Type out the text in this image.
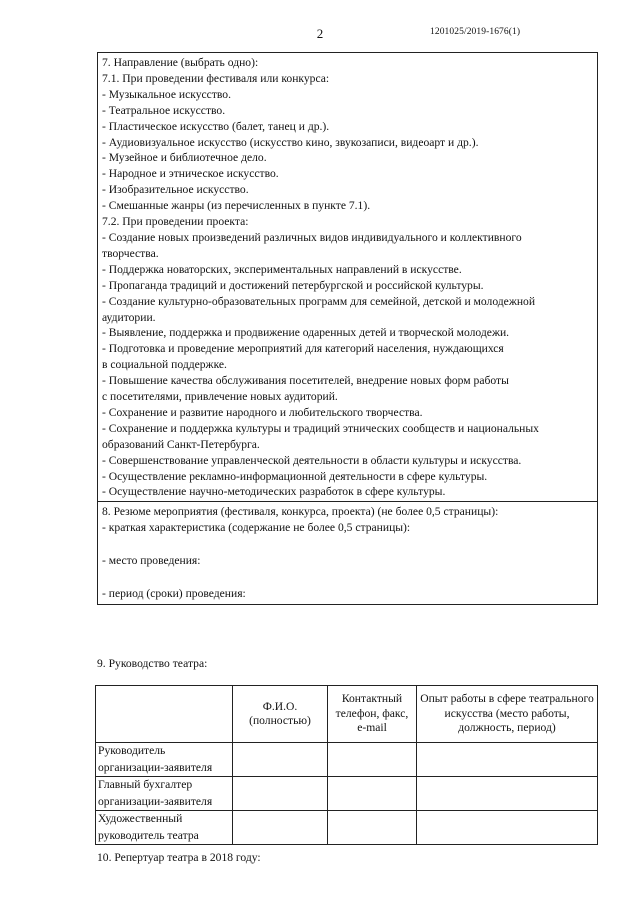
2	1201025/2019-1676(1)
7. Направление (выбрать одно):
7.1. При проведении фестиваля или конкурса:
- Музыкальное искусство.
- Театральное искусство.
- Пластическое искусство (балет, танец и др.).
- Аудиовизуальное искусство (искусство кино, звукозаписи, видеоарт и др.).
- Музейное и библиотечное дело.
- Народное и этническое искусство.
- Изобразительное искусство.
- Смешанные жанры (из перечисленных в пункте 7.1).
7.2. При проведении проекта:
- Создание новых произведений различных видов индивидуального и коллективного
творчества.
- Поддержка новаторских, экспериментальных направлений в искусстве.
- Пропаганда традиций и достижений петербургской и российской культуры.
- Создание культурно-образовательных программ для семейной, детской и молодежной
аудитории.
- Выявление, поддержка и продвижение одаренных детей и творческой молодежи.
- Подготовка и проведение мероприятий для категорий населения, нуждающихся
в социальной поддержке.
- Повышение качества обслуживания посетителей, внедрение новых форм работы
с посетителями, привлечение новых аудиторий.
- Сохранение и развитие народного и любительского творчества.
- Сохранение и поддержка культуры и традиций этнических сообществ и национальных
образований Санкт-Петербурга.
- Совершенствование управленческой деятельности в области культуры и искусства.
- Осуществление рекламно-информационной деятельности в сфере культуры.
- Осуществление научно-методических разработок в сфере культуры.
8. Резюме мероприятия (фестиваля, конкурса, проекта) (не более 0,5 страницы):
- краткая характеристика (содержание не более 0,5 страницы):
- место проведения:
- период (сроки) проведения:
9. Руководство театра:
	Ф.И.О. (полностью)	Контактный телефон, факс, e-mail	Опыт работы в сфере театрального искусства (место работы, должность, период)
Руководитель организации-заявителя			
Главный бухгалтер организации-заявителя			
Художественный руководитель театра			
10. Репертуар театра в 2018 году:
